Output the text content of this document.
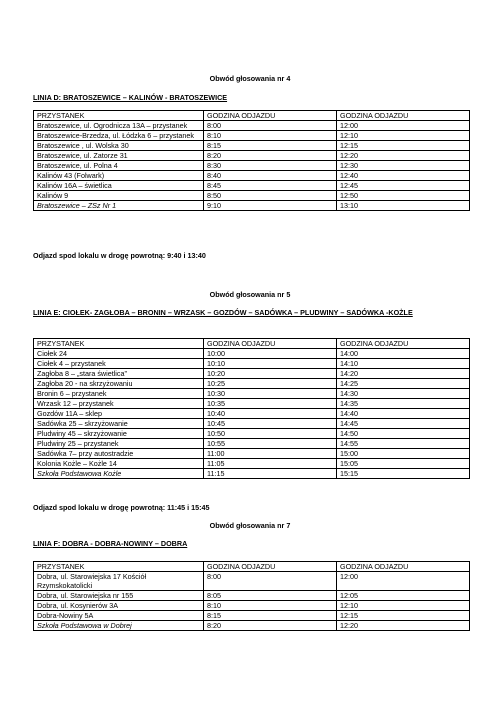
Obwód głosowania nr 4
LINIA D: BRATOSZEWICE – KALINÓW - BRATOSZEWICE
PRZYSTANEK	GODZINA ODJAZDU	GODZINA ODJAZDU
Bratoszewice, ul. Ogrodnicza 13A – przystanek	8:00	12:00
Bratoszewice-Brzedza, ul. Łódzka 6 – przystanek	8:10	12:10
Bratoszewice , ul. Wolska 30	8:15	12:15
Bratoszewice, ul. Zatorze 31	8:20	12:20
Bratoszewice, ul. Polna 4	8:30	12:30
Kalinów 43 (Folwark)	8:40	12:40
Kalinów 16A – świetlica	8:45	12:45
Kalinów 9	8:50	12:50
Bratoszewice – ZSz Nr 1	9:10	13:10
Odjazd spod lokalu w drogę powrotną: 9:40 i 13:40
Obwód głosowania nr 5
LINIA E: CIOŁEK- ZAGŁOBA – BRONIN – WRZASK – GOZDÓW – SADÓWKA – PLUDWINY – SADÓWKA -KOŻLE
PRZYSTANEK	GODZINA ODJAZDU	GODZINA ODJAZDU
Ciołek 24	10:00	14:00
Ciołek 4 – przystanek	10:10	14:10
Zagłoba 8 – „stara świetlica”	10:20	14:20
Zagłoba 20 - na skrzyżowaniu	10:25	14:25
Bronin 6 – przystanek	10:30	14:30
Wrzask 12 – przystanek	10:35	14:35
Gozdów 11A – sklep	10:40	14:40
Sadówka 25 – skrzyżowanie	10:45	14:45
Pludwiny 45 – skrzyżowanie	10:50	14:50
Pludwiny 25 – przystanek	10:55	14:55
Sadówka 7– przy autostradzie	11:00	15:00
Kolonia Kożle – Kożle 14	11:05	15:05
Szkoła Podstawowa Kożle	11:15	15:15
Odjazd spod lokalu w drogę powrotną: 11:45 i 15:45
Obwód głosowania nr 7
LINIA F: DOBRA - DOBRA-NOWINY – DOBRA
PRZYSTANEK	GODZINA ODJAZDU	GODZINA ODJAZDU
Dobra, ul. Starowiejska 17 Kościół Rzymskokatolicki	8:00	12:00
Dobra, ul. Starowiejska nr 155	8:05	12:05
Dobra, ul. Kosynierów 3A	8:10	12:10
Dobra-Nowiny 5A	8:15	12:15
Szkoła Podstawowa w Dobrej	8:20	12:20
